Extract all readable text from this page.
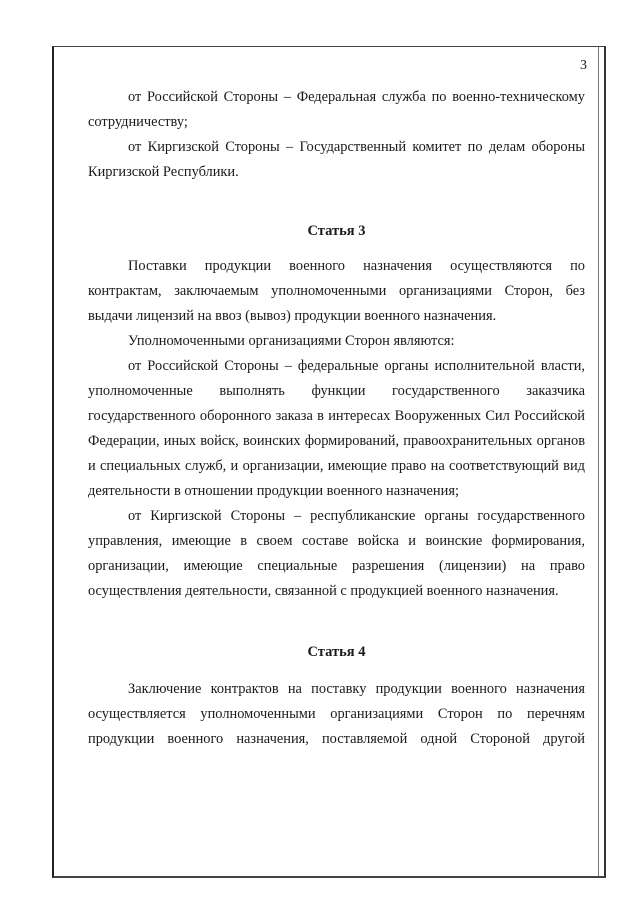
3

от Российской Стороны – Федеральная служба по военно-техническому сотрудничеству;

от Киргизской Стороны – Государственный комитет по делам обороны Киргизской Республики.

Статья 3

Поставки продукции военного назначения осуществляются по контрактам, заключаемым уполномоченными организациями Сторон, без выдачи лицензий на ввоз (вывоз) продукции военного назначения.

Уполномоченными организациями Сторон являются:

от Российской Стороны – федеральные органы исполнительной власти, уполномоченные выполнять функции государственного заказчика государственного оборонного заказа в интересах Вооруженных Сил Российской Федерации, иных войск, воинских формирований, правоохранительных органов и специальных служб, и организации, имеющие право на соответствующий вид деятельности в отношении продукции военного назначения;

от Киргизской Стороны – республиканские органы государственного управления, имеющие в своем составе войска и воинские формирования, организации, имеющие специальные разрешения (лицензии) на право осуществления деятельности, связанной с продукцией военного назначения.

Статья 4

Заключение контрактов на поставку продукции военного назначения осуществляется уполномоченными организациями Сторон по перечням продукции военного назначения, поставляемой одной Стороной другой
